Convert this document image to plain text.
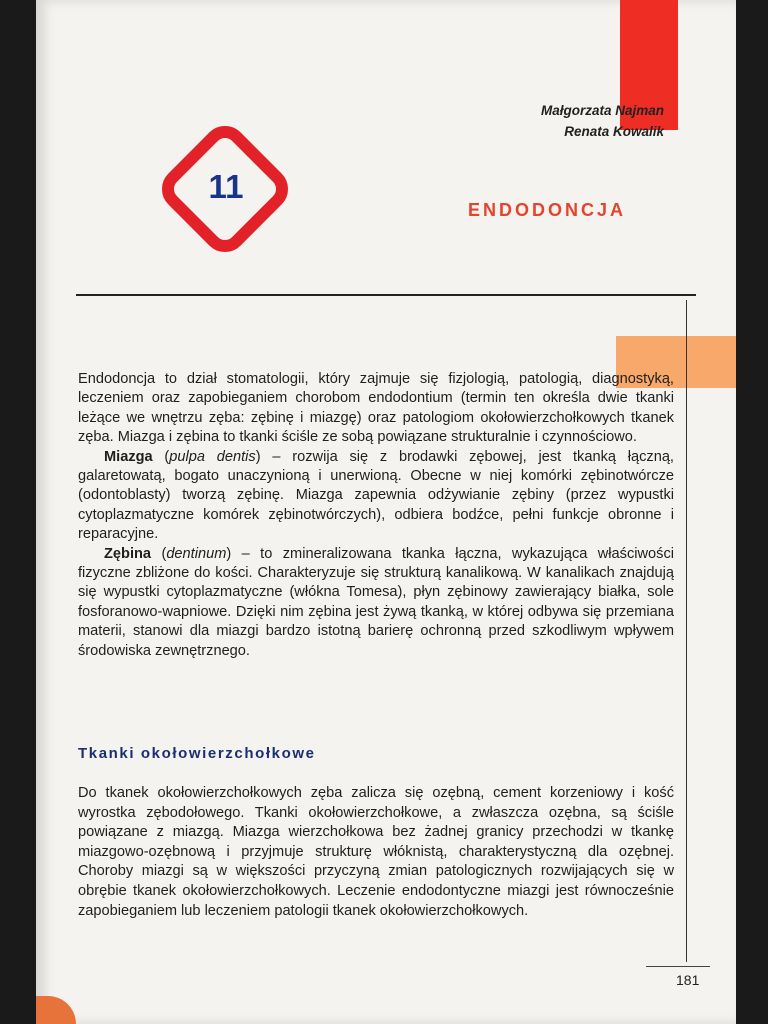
Małgorzata Najman
Renata Kowalik
11
ENDODONCJA

Endodoncja to dział stomatologii, który zajmuje się fizjologią, patologią, diagnostyką, leczeniem oraz zapobieganiem chorobom endodontium (termin ten określa dwie tkanki leżące we wnętrzu zęba: zębinę i miazgę) oraz patologiom okołowierzchołkowych tkanek zęba. Miazga i zębina to tkanki ściśle ze sobą powiązane strukturalnie i czynnościowo.

Miazga (pulpa dentis) – rozwija się z brodawki zębowej, jest tkanką łączną, galaretowatą, bogato unaczynioną i unerwioną. Obecne w niej komórki zębinotwórcze (odontoblasty) tworzą zębinę. Miazga zapewnia odżywianie zębiny (przez wypustki cytoplazmatyczne komórek zębinotwórczych), odbiera bodźce, pełni funkcje obronne i reparacyjne.

Zębina (dentinum) – to zmineralizowana tkanka łączna, wykazująca właściwości fizyczne zbliżone do kości. Charakteryzuje się strukturą kanalikową. W kanalikach znajdują się wypustki cytoplazmatyczne (włókna Tomesa), płyn zębinowy zawierający białka, sole fosforanowo-wapniowe. Dzięki nim zębina jest żywą tkanką, w której odbywa się przemiana materii, stanowi dla miazgi bardzo istotną barierę ochronną przed szkodliwym wpływem środowiska zewnętrznego.

Tkanki okołowierzchołkowe

Do tkanek okołowierzchołkowych zęba zalicza się ozębną, cement korzeniowy i kość wyrostka zębodołowego. Tkanki okołowierzchołkowe, a zwłaszcza ozębna, są ściśle powiązane z miazgą. Miazga wierzchołkowa bez żadnej granicy przechodzi w tkankę miazgowo-ozębnową i przyjmuje strukturę włóknistą, charakterystyczną dla ozębnej. Choroby miazgi są w większości przyczyną zmian patologicznych rozwijających się w obrębie tkanek okołowierzchołkowych. Leczenie endodontyczne miazgi jest równocześnie zapobieganiem lub leczeniem patologii tkanek okołowierzchołkowych.

181
